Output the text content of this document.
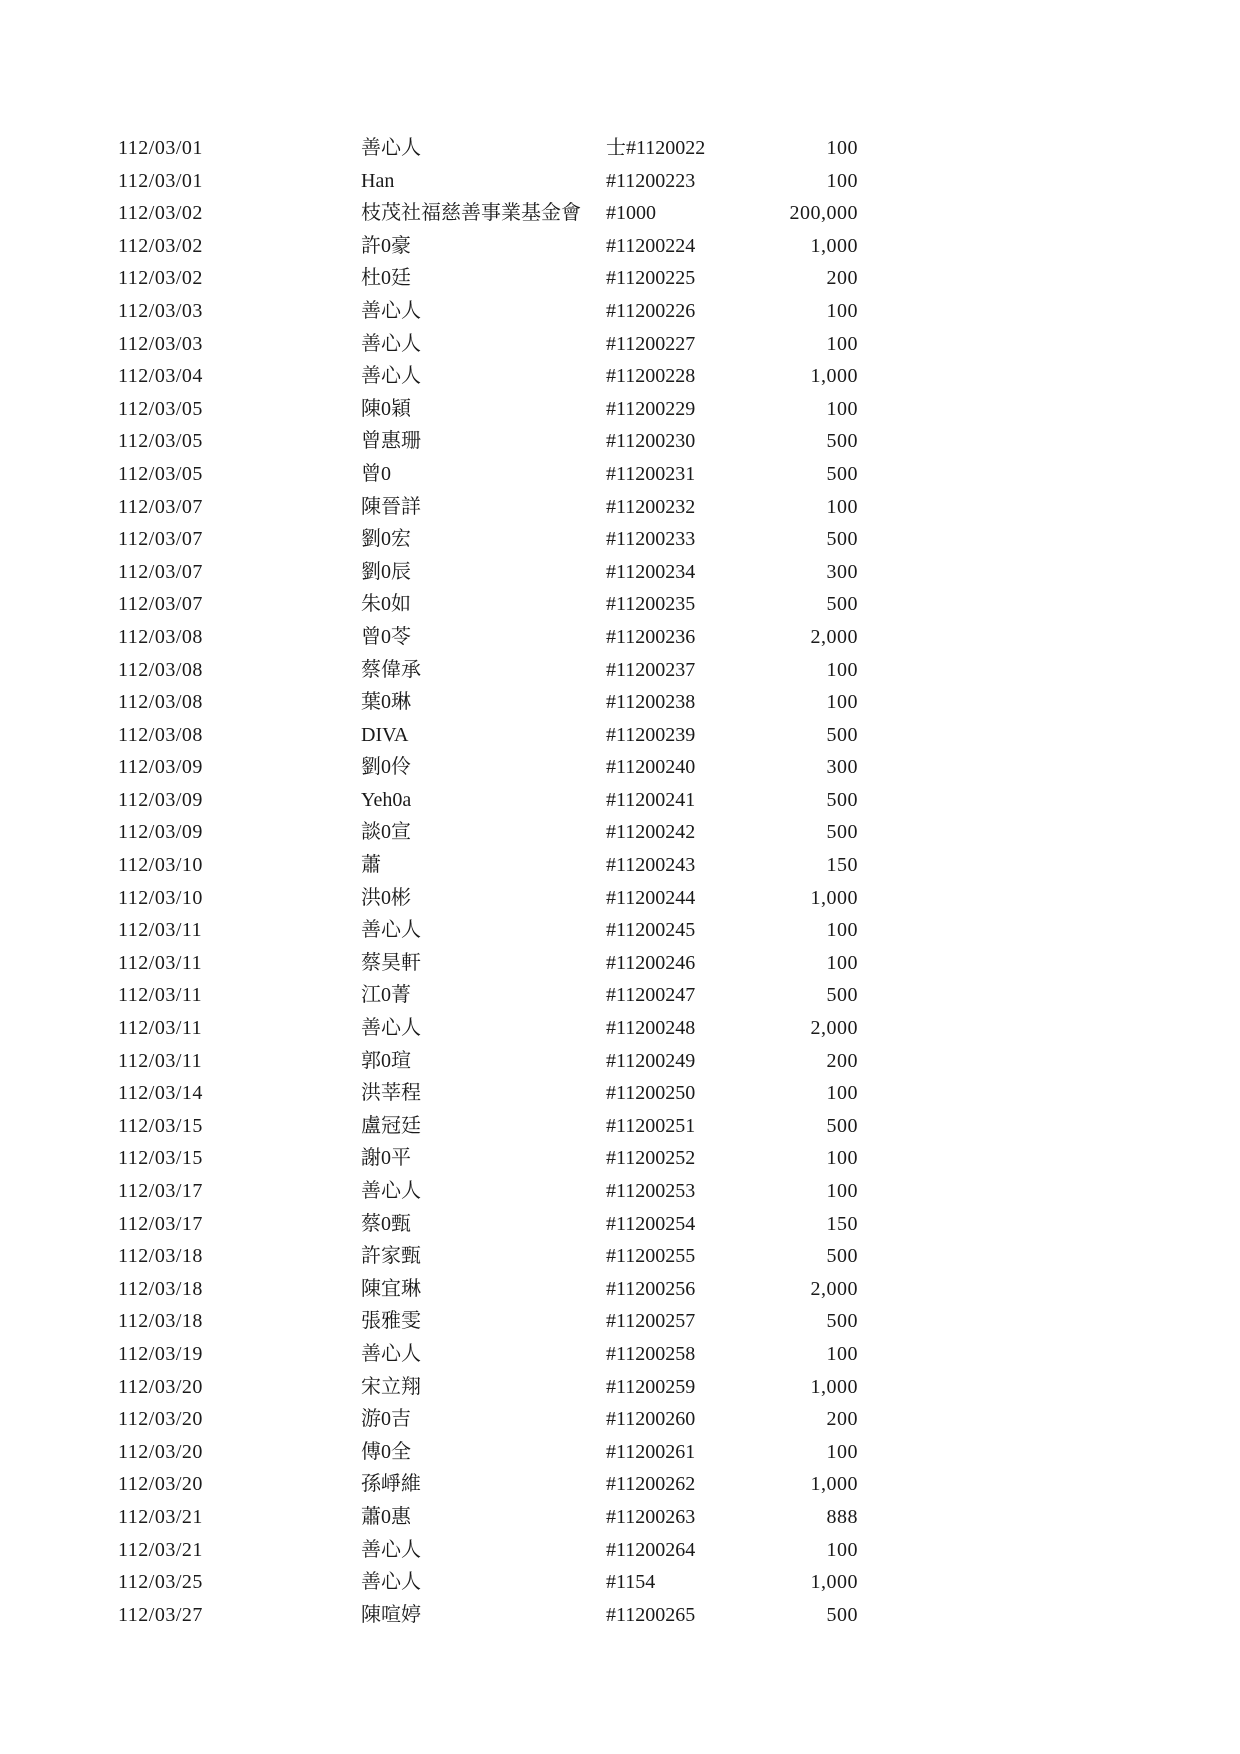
112/03/01	善心人	士#1120022	100
112/03/01	Han	#11200223	100
112/03/02	枝茂社福慈善事業基金會	#1000	200,000
112/03/02	許0豪	#11200224	1,000
112/03/02	杜0廷	#11200225	200
112/03/03	善心人	#11200226	100
112/03/03	善心人	#11200227	100
112/03/04	善心人	#11200228	1,000
112/03/05	陳0穎	#11200229	100
112/03/05	曾惠珊	#11200230	500
112/03/05	曾0	#11200231	500
112/03/07	陳晉詳	#11200232	100
112/03/07	劉0宏	#11200233	500
112/03/07	劉0辰	#11200234	300
112/03/07	朱0如	#11200235	500
112/03/08	曾0苓	#11200236	2,000
112/03/08	蔡偉承	#11200237	100
112/03/08	葉0琳	#11200238	100
112/03/08	DIVA	#11200239	500
112/03/09	劉0伶	#11200240	300
112/03/09	Yeh0a	#11200241	500
112/03/09	談0宣	#11200242	500
112/03/10	蕭	#11200243	150
112/03/10	洪0彬	#11200244	1,000
112/03/11	善心人	#11200245	100
112/03/11	蔡昊軒	#11200246	100
112/03/11	江0菁	#11200247	500
112/03/11	善心人	#11200248	2,000
112/03/11	郭0瑄	#11200249	200
112/03/14	洪莘程	#11200250	100
112/03/15	盧冠廷	#11200251	500
112/03/15	謝0平	#11200252	100
112/03/17	善心人	#11200253	100
112/03/17	蔡0甄	#11200254	150
112/03/18	許家甄	#11200255	500
112/03/18	陳宜琳	#11200256	2,000
112/03/18	張雅雯	#11200257	500
112/03/19	善心人	#11200258	100
112/03/20	宋立翔	#11200259	1,000
112/03/20	游0吉	#11200260	200
112/03/20	傅0全	#11200261	100
112/03/20	孫崢維	#11200262	1,000
112/03/21	蕭0惠	#11200263	888
112/03/21	善心人	#11200264	100
112/03/25	善心人	#1154	1,000
112/03/27	陳喧婷	#11200265	500
